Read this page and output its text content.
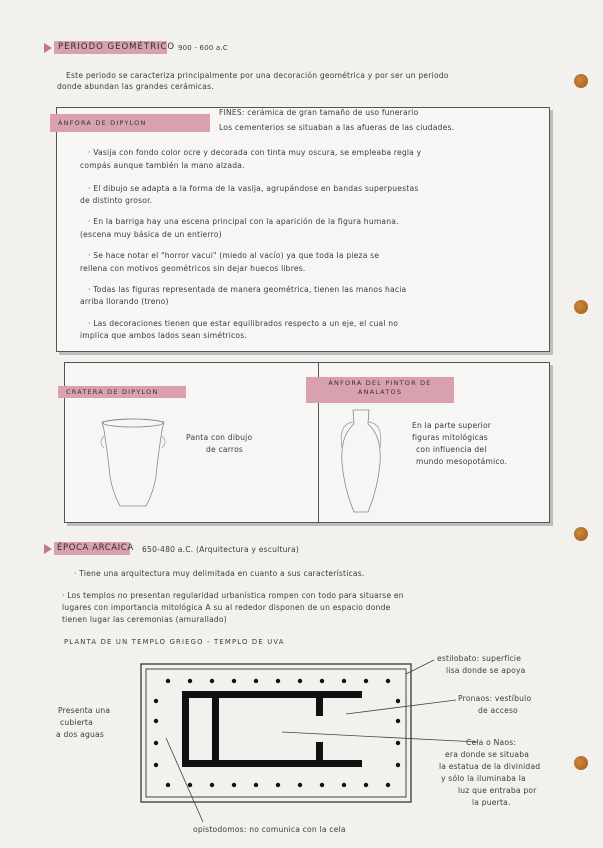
PERIODO GEOMÉTRICO 900 - 600 a.C
Este periodo se caracteriza principalmente por una decoración geométrica y por ser un periodo
donde abundan las grandes cerámicas.
ÁNFORA DE DIPYLON
FINES: cerámica de gran tamaño de uso funerario
Los cementerios se situaban a las afueras de las ciudades.
· Vasija con fondo color ocre y decorada con tinta muy oscura, se empleaba regla y
compás aunque también la mano alzada.
· El dibujo se adapta a la forma de la vasija, agrupándose en bandas superpuestas
de distinto grosor.
· En la barriga hay una escena principal con la aparición de la figura humana.
(escena muy básica de un entierro)
· Se hace notar el "horror vacui" (miedo al vacío) ya que toda la pieza se
rellena con motivos geométricos sin dejar huecos libres.
· Todas las figuras representada de manera geométrica, tienen las manos hacia
arriba llorando (treno)
· Las decoraciones tienen que estar equilibrados respecto a un eje, el cual no
implica que ambos lados sean simétricos.
CRATERA DE DIPYLON
Panta con dibujo
de carros
ÁNFORA DEL PINTOR DE
ANALATOS
En la parte superior
figuras mitológicas
con influencia del
mundo mesopotámico.
ÉPOCA ARCAICA 650-480 a.C. (Arquitectura y escultura)
· Tiene una arquitectura muy delimitada en cuanto a sus características.
· Los templos no presentan regularidad urbanística rompen con todo para situarse en
lugares con importancia mitológica A su al rededor disponen de un espacio donde
tienen lugar las ceremonias (amurallado)
PLANTA DE UN TEMPLO GRIEGO - TEMPLO DE UVA
estilobato: superficie
lisa donde se apoya
Pronaos: vestíbulo
de acceso
Cela o Naos:
era donde se situaba
la estatua de la divinidad
y sólo la iluminaba la
luz que entraba por
la puerta.
Presenta una
cubierta
a dos aguas
opistodomos: no comunica con la cela
